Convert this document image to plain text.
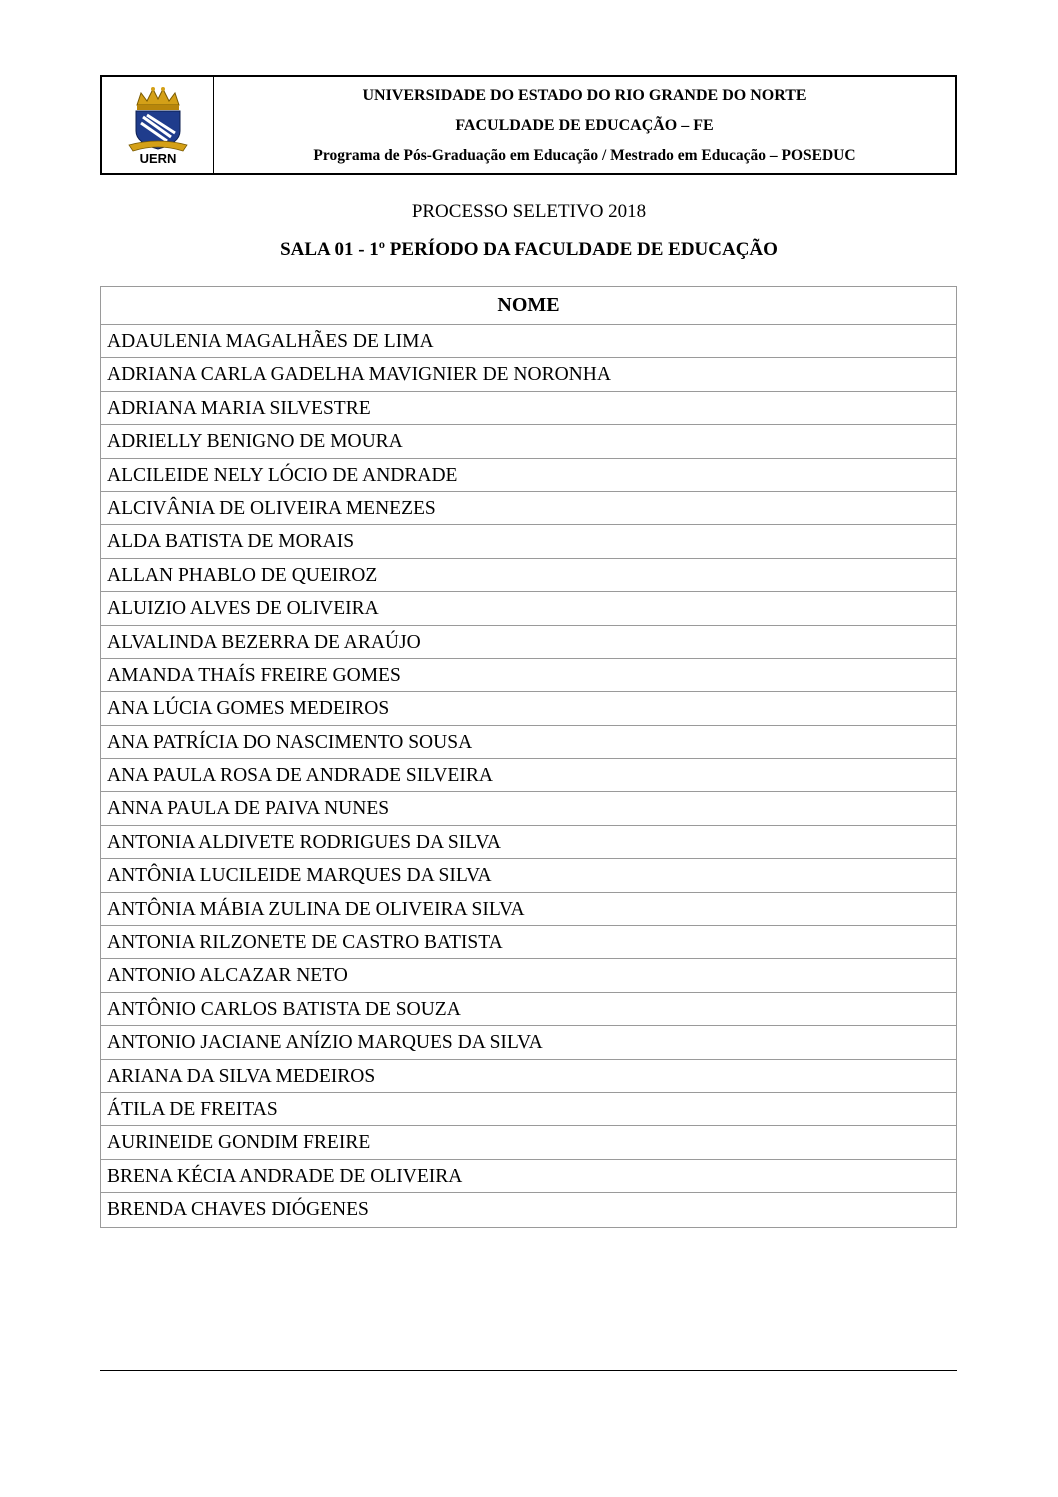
UERN
UNIVERSIDADE DO ESTADO DO RIO GRANDE DO NORTE
FACULDADE DE EDUCAÇÃO – FE
Programa de Pós-Graduação em Educação / Mestrado em Educação – POSEDUC
PROCESSO SELETIVO 2018
SALA 01 - 1º PERÍODO DA FACULDADE DE EDUCAÇÃO
NOME
ADAULENIA MAGALHÃES DE LIMA
ADRIANA CARLA GADELHA MAVIGNIER DE NORONHA
ADRIANA MARIA SILVESTRE
ADRIELLY BENIGNO DE MOURA
ALCILEIDE NELY LÓCIO DE ANDRADE
ALCIVÂNIA DE OLIVEIRA MENEZES
ALDA BATISTA DE MORAIS
ALLAN PHABLO DE QUEIROZ
ALUIZIO ALVES DE OLIVEIRA
ALVALINDA BEZERRA DE ARAÚJO
AMANDA THAÍS FREIRE GOMES
ANA LÚCIA GOMES MEDEIROS
ANA PATRÍCIA DO NASCIMENTO SOUSA
ANA PAULA ROSA DE ANDRADE SILVEIRA
ANNA PAULA DE PAIVA NUNES
ANTONIA ALDIVETE RODRIGUES DA SILVA
ANTÔNIA LUCILEIDE MARQUES DA SILVA
ANTÔNIA MÁBIA ZULINA DE OLIVEIRA SILVA
ANTONIA RILZONETE DE CASTRO BATISTA
ANTONIO ALCAZAR NETO
ANTÔNIO CARLOS BATISTA DE SOUZA
ANTONIO JACIANE ANÍZIO MARQUES DA SILVA
ARIANA DA SILVA MEDEIROS
ÁTILA DE FREITAS
AURINEIDE GONDIM FREIRE
BRENA KÉCIA ANDRADE DE OLIVEIRA
BRENDA CHAVES DIÓGENES
